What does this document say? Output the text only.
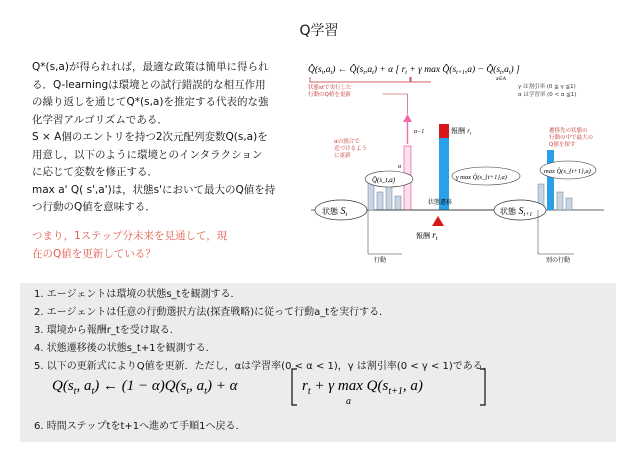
Q学習

Q*(s,a)が得られれば，最適な政策は簡単に得られ
る．Q-learningは環境との試行錯誤的な相互作用
の繰り返しを通じてQ*(s,a)を推定する代表的な強
化学習アルゴリズムである．

S × A個のエントリを持つ2次元配列変数Q(s,a)を
用意し，以下のように環境とのインタラクション
に応じて変数を修正する．

max a' Q( s',a')は，状態s'において最大のQ値を持
つ行動のQ値を意味する．

つまり，1ステップ分未来を見通して，現
在のQ値を更新している？
$Q̂(s_t,a_t)$ ← $Q̂(s_t,a_t) + \alpha$ [ $r_t + \gamma$ $\max Q̂(s_{t+1},a)$ − $Q̂(s_t,a_t)$ ]
a∈A
状態stで実行した
行動のQ値を更新
γ は割引率 (0 ≦ γ ≦1)
α は学習率 (0 < α ≦1)
遷移先の状態の
行動の中で最大の
Q値を探す
α−1
α
αの割合で
近づけるよう
に更新
Q̂(s_t,a)
報酬 $r_t$
γ max Q̂(s_{t+1},a)
max Q̂(s_{t+1},a)
状態遷移
報酬 $r_t$
状態 $S_t$	状態 $S_{t+1}$
行動	別の行動
1. エージェントは環境の状態s_tを観測する．
2. エージェントは任意の行動選択方法(探査戦略)に従って行動a_tを実行する．
3. 環境から報酬r_tを受け取る．
4. 状態遷移後の状態s_t+1を観測する．
5. 以下の更新式によりQ値を更新．ただし，αは学習率(0 < α < 1)，γ は割引率(0 < γ < 1)である．
$Q(s_t$, $a_t$) ← $(1 - \alpha)Q(s_t$, $a_t) + \alpha$	$r_t + \gamma$ $\max Q(s_{t+1}$, a)
a
6. 時間ステップtをt+1へ進めて手順1へ戻る．
